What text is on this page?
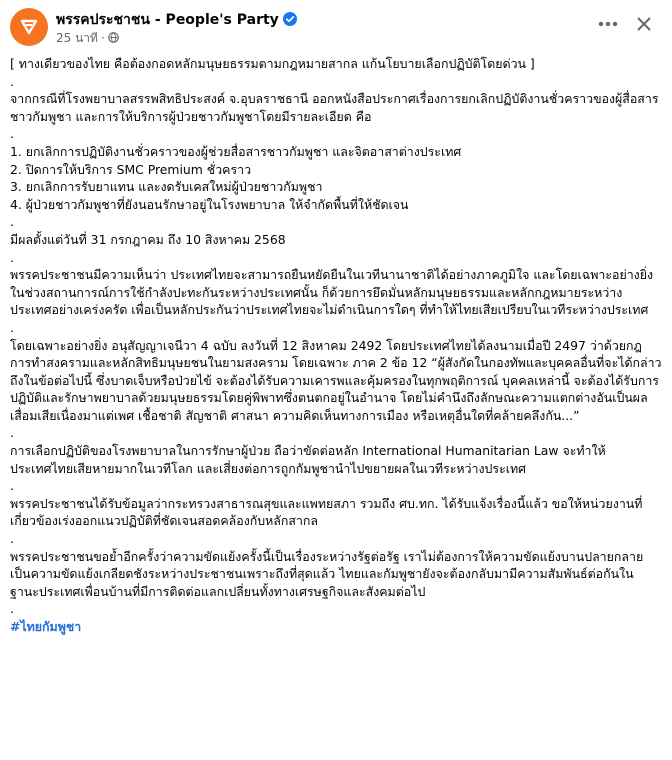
พรรคประชาชน - People's Party
25 นาที ·

[ ทางเดียวของไทย คือต้องกอดหลักมนุษยธรรมตามกฎหมายสากล แก้นโยบายเลือกปฏิบัติโดยด่วน ]

.

จากกรณีที่โรงพยาบาลสรรพสิทธิประสงค์ จ.อุบลราชธานี ออกหนังสือประกาศเรื่องการยกเลิกปฏิบัติงานชั่วคราวของผู้สื่อสารชาวกัมพูชา และการให้บริการผู้ป่วยชาวกัมพูชาโดยมีรายละเอียด คือ

.

1. ยกเลิกการปฏิบัติงานชั่วคราวของผู้ช่วยสื่อสารชาวกัมพูชา และจิตอาสาต่างประเทศ

2. ปิดการให้บริการ SMC Premium ชั่วคราว

3. ยกเลิกการรับยาแทน และงดรับเคสใหม่ผู้ป่วยชาวกัมพูชา

4. ผู้ป่วยชาวกัมพูชาที่ยังนอนรักษาอยู่ในโรงพยาบาล ให้จำกัดพื้นที่ให้ชัดเจน

.

มีผลตั้งแต่วันที่ 31 กรกฎาคม ถึง 10 สิงหาคม 2568

.

พรรคประชาชนมีความเห็นว่า ประเทศไทยจะสามารถยืนหยัดยืนในเวทีนานาชาติได้อย่างภาคภูมิใจ และโดยเฉพาะอย่างยิ่ง ในช่วงสถานการณ์การใช้กำลังปะทะกันระหว่างประเทศนั้น ก็ด้วยการยึดมั่นหลักมนุษยธรรมและหลักกฎหมายระหว่างประเทศอย่างเคร่งครัด เพื่อเป็นหลักประกันว่าประเทศไทยจะไม่ดำเนินการใดๆ ที่ทำให้ไทยเสียเปรียบในเวทีระหว่างประเทศ

.

โดยเฉพาะอย่างยิ่ง อนุสัญญาเจนีวา 4 ฉบับ ลงวันที่ 12 สิงหาคม 2492 โดยประเทศไทยได้ลงนามเมื่อปี 2497 ว่าด้วยกฎการทำสงครามและหลักสิทธิมนุษยชนในยามสงคราม โดยเฉพาะ ภาค 2 ข้อ 12 “ผู้สังกัดในกองทัพและบุคคลอื่นที่จะได้กล่าวถึงในข้อต่อไปนี้ ซึ่งบาดเจ็บหรือป่วยไข้ จะต้องได้รับความเคารพและคุ้มครองในทุกพฤติการณ์ บุคคลเหล่านี้ จะต้องได้รับการปฏิบัติและรักษาพยาบาลด้วยมนุษยธรรมโดยคู่พิพาทซึ่งตนตกอยู่ในอำนาจ โดยไม่คำนึงถึงลักษณะความแตกต่างอันเป็นผลเสื่อมเสียเนื่องมาแต่เพศ เชื้อชาติ สัญชาติ ศาสนา ความคิดเห็นทางการเมือง หรือเหตุอื่นใดที่คล้ายคลึงกัน...”

.

การเลือกปฏิบัติของโรงพยาบาลในการรักษาผู้ป่วย ถือว่าขัดต่อหลัก International Humanitarian Law จะทำให้ประเทศไทยเสียหายมากในเวทีโลก และเสี่ยงต่อการถูกกัมพูชานำไปขยายผลในเวทีระหว่างประเทศ

.

พรรคประชาชนได้รับข้อมูลว่ากระทรวงสาธารณสุขและแพทยสภา รวมถึง ศบ.ทก. ได้รับแจ้งเรื่องนี้แล้ว ขอให้หน่วยงานที่เกี่ยวข้องเร่งออกแนวปฏิบัติที่ชัดเจนสอดคล้องกับหลักสากล

.

พรรคประชาชนขอย้ำอีกครั้งว่าความขัดแย้งครั้งนี้เป็นเรื่องระหว่างรัฐต่อรัฐ เราไม่ต้องการให้ความขัดแย้งบานปลายกลายเป็นความขัดแย้งเกลียดชังระหว่างประชาชนเพราะถึงที่สุดแล้ว ไทยและกัมพูชายังจะต้องกลับมามีความสัมพันธ์ต่อกันในฐานะประเทศเพื่อนบ้านที่มีการติดต่อแลกเปลี่ยนทั้งทางเศรษฐกิจและสังคมต่อไป

.

#ไทยกัมพูชา
